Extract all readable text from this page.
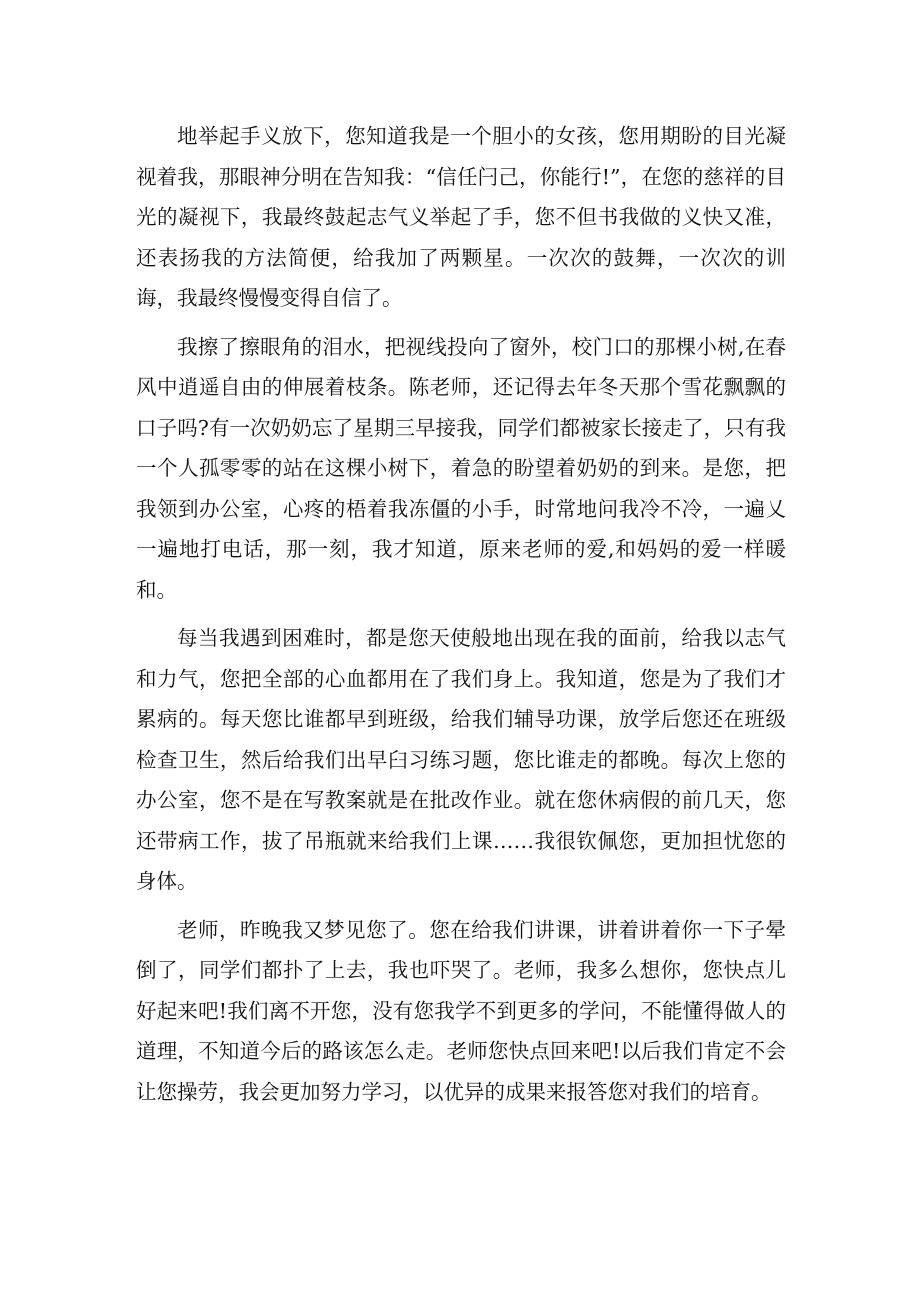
地举起手义放下，您知道我是一个胆小的女孩，您用期盼的目光凝视着我，那眼神分明在告知我：“信任闩己，你能行!”，在您的慈祥的目光的凝视下，我最终鼓起志气义举起了手，您不但书我做的义快又准，还表扬我的方法简便，给我加了两颗星。一次次的鼓舞，一次次的训诲，我最终慢慢变得自信了。

我擦了擦眼角的泪水，把视线投向了窗外，校门口的那棵小树,在春风中逍遥自由的伸展着枝条。陈老师，还记得去年冬天那个雪花飘飘的口子吗?有一次奶奶忘了星期三早接我，同学们都被家长接走了，只有我一个人孤零零的站在这棵小树下，着急的盼望着奶奶的到来。是您，把我领到办公室，心疼的梧着我冻僵的小手，时常地问我冷不冷，一遍乂一遍地打电话，那一刻，我才知道，原来老师的爱,和妈妈的爱一样暖和。

每当我遇到困难时，都是您天使般地出现在我的面前，给我以志气和力气，您把全部的心血都用在了我们身上。我知道，您是为了我们才累病的。每天您比谁都早到班级，给我们辅导功课，放学后您还在班级检查卫生，然后给我们出早臼习练习题，您比谁走的都晚。每次上您的办公室，您不是在写教案就是在批改作业。就在您休病假的前几天，您还带病工作，拔了吊瓶就来给我们上课……我很钦佩您，更加担忧您的身体。

老师，昨晚我又梦见您了。您在给我们讲课，讲着讲着你一下子晕倒了，同学们都扑了上去，我也吓哭了。老师，我多么想你，您快点儿好起来吧!我们离不开您，没有您我学不到更多的学问，不能懂得做人的道理，不知道今后的路该怎么走。老师您快点回来吧!以后我们肯定不会让您操劳，我会更加努力学习，以优异的成果来报答您对我们的培育。
